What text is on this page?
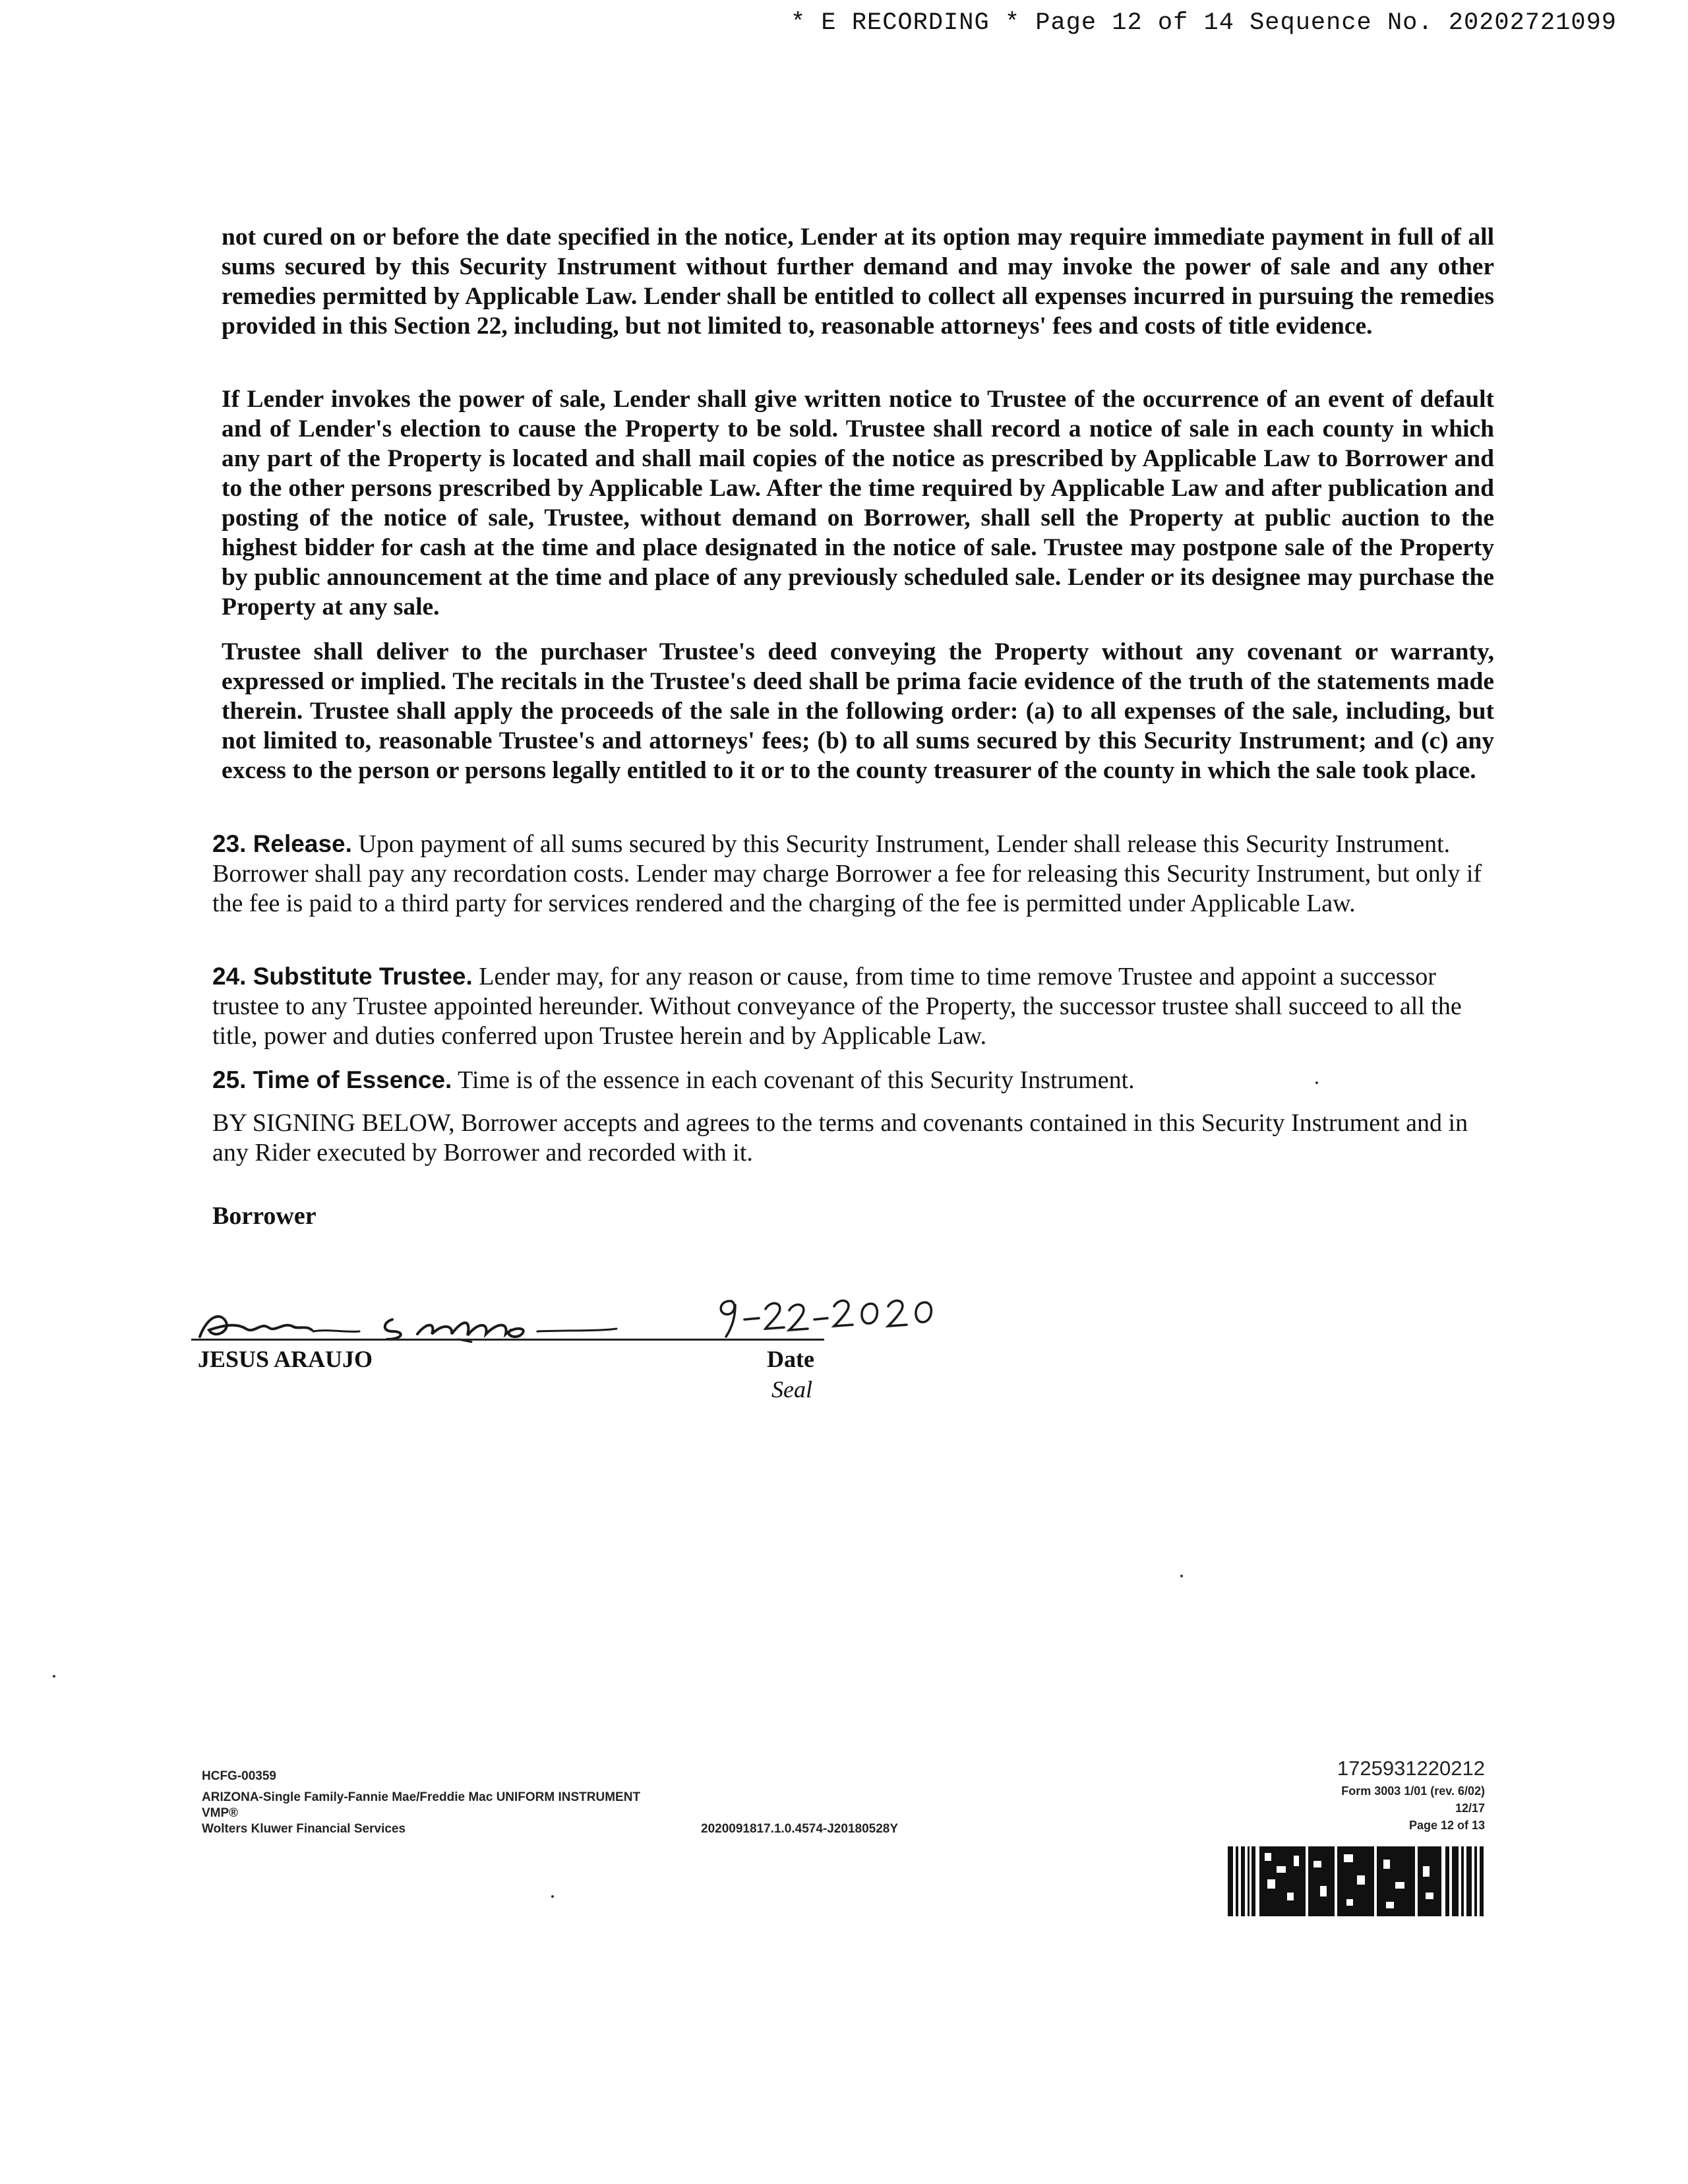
* E RECORDING * Page 12 of 14 Sequence No. 20202721099

not cured on or before the date specified in the notice, Lender at its option may require immediate payment in full of all sums secured by this Security Instrument without further demand and may invoke the power of sale and any other remedies permitted by Applicable Law. Lender shall be entitled to collect all expenses incurred in pursuing the remedies provided in this Section 22, including, but not limited to, reasonable attorneys' fees and costs of title evidence.

If Lender invokes the power of sale, Lender shall give written notice to Trustee of the occurrence of an event of default and of Lender's election to cause the Property to be sold. Trustee shall record a notice of sale in each county in which any part of the Property is located and shall mail copies of the notice as prescribed by Applicable Law to Borrower and to the other persons prescribed by Applicable Law. After the time required by Applicable Law and after publication and posting of the notice of sale, Trustee, without demand on Borrower, shall sell the Property at public auction to the highest bidder for cash at the time and place designated in the notice of sale. Trustee may postpone sale of the Property by public announcement at the time and place of any previously scheduled sale. Lender or its designee may purchase the Property at any sale.

Trustee shall deliver to the purchaser Trustee's deed conveying the Property without any covenant or warranty, expressed or implied. The recitals in the Trustee's deed shall be prima facie evidence of the truth of the statements made therein. Trustee shall apply the proceeds of the sale in the following order: (a) to all expenses of the sale, including, but not limited to, reasonable Trustee's and attorneys' fees; (b) to all sums secured by this Security Instrument; and (c) any excess to the person or persons legally entitled to it or to the county treasurer of the county in which the sale took place.

23. Release. Upon payment of all sums secured by this Security Instrument, Lender shall release this Security Instrument. Borrower shall pay any recordation costs. Lender may charge Borrower a fee for releasing this Security Instrument, but only if the fee is paid to a third party for services rendered and the charging of the fee is permitted under Applicable Law.

24. Substitute Trustee. Lender may, for any reason or cause, from time to time remove Trustee and appoint a successor trustee to any Trustee appointed hereunder. Without conveyance of the Property, the successor trustee shall succeed to all the title, power and duties conferred upon Trustee herein and by Applicable Law.

25. Time of Essence. Time is of the essence in each covenant of this Security Instrument.

BY SIGNING BELOW, Borrower accepts and agrees to the terms and covenants contained in this Security Instrument and in any Rider executed by Borrower and recorded with it.

Borrower
JESUS ARAUJO	Date
Seal
HCFG-00359
ARIZONA-Single Family-Fannie Mae/Freddie Mac UNIFORM INSTRUMENT
VMP®
Wolters Kluwer Financial Services	2020091817.1.0.4574-J20180528Y
1725931220212
Form 3003 1/01 (rev. 6/02)
12/17
Page 12 of 13
